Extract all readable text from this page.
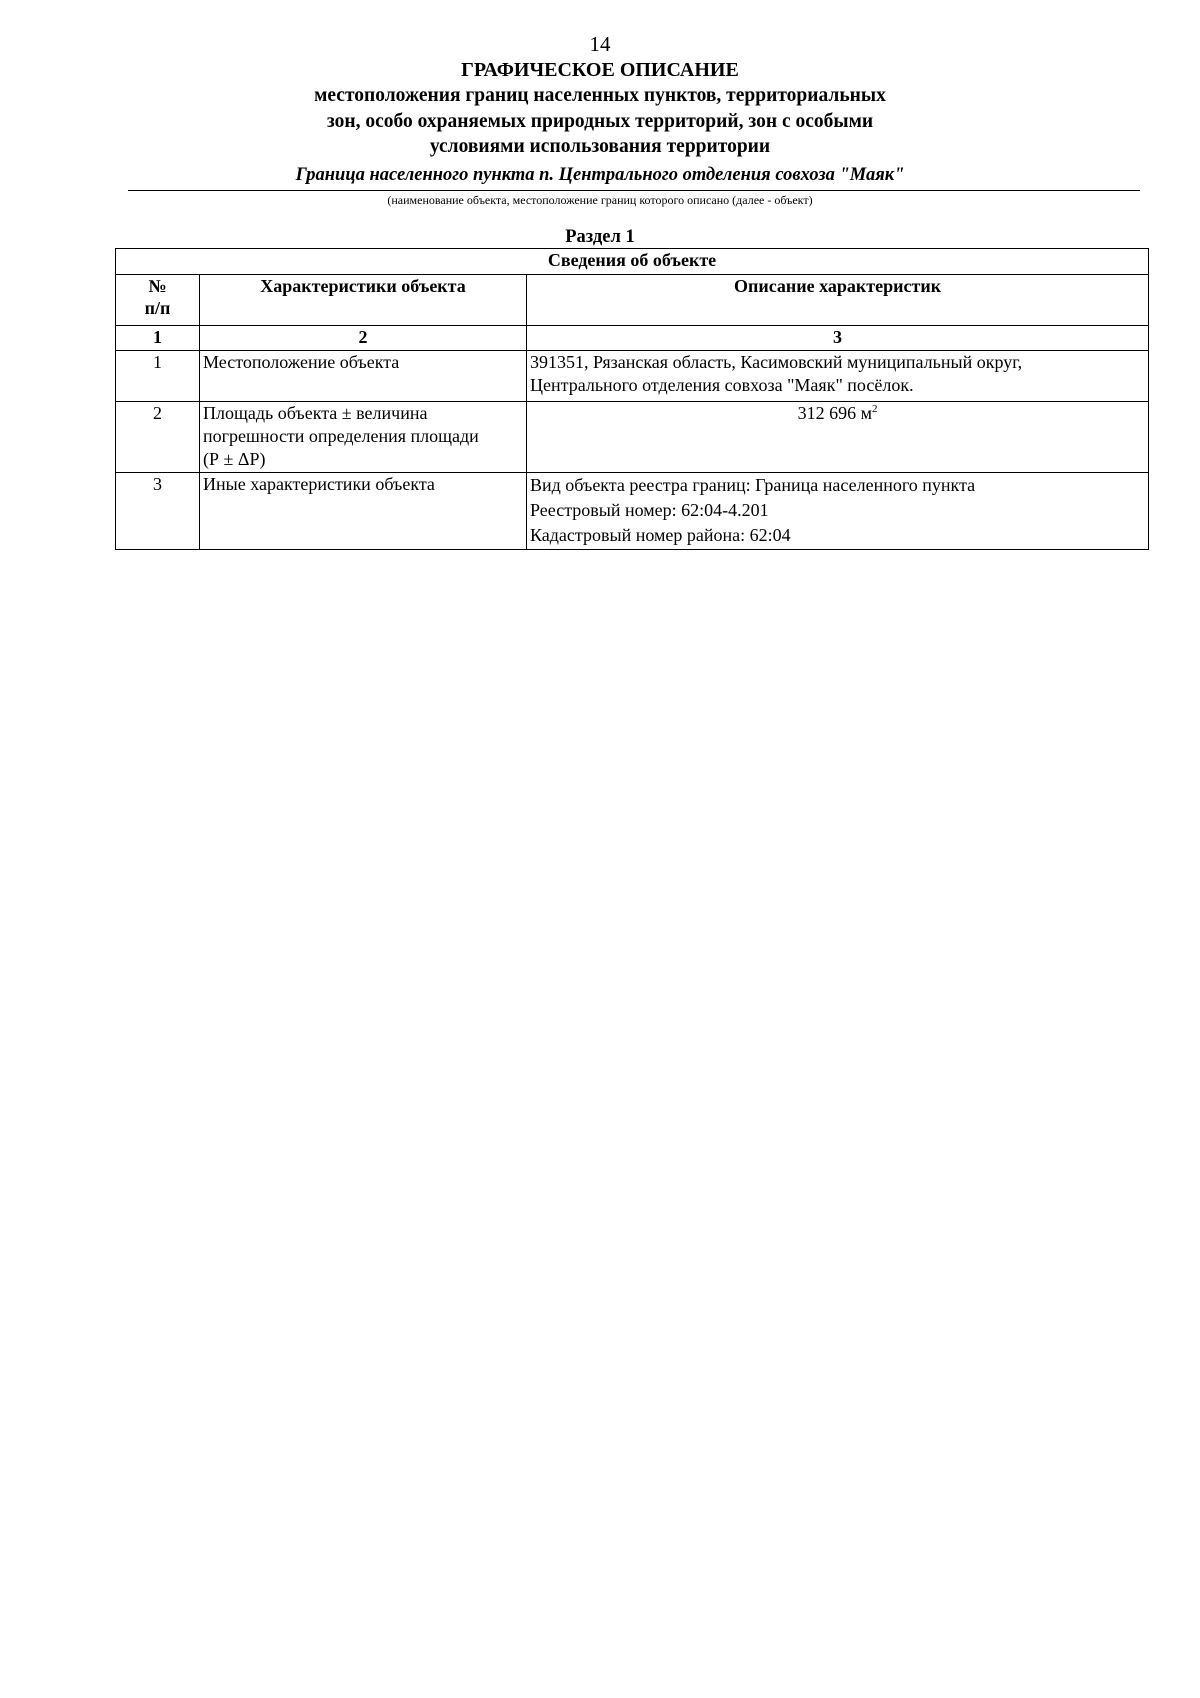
14
ГРАФИЧЕСКОЕ ОПИСАНИЕ
местоположения границ населенных пунктов, территориальных
зон, особо охраняемых природных территорий, зон с особыми
условиями использования территории
Граница населенного пункта п. Центрального отделения совхоза "Маяк"
(наименование объекта, местоположение границ которого описано (далее - объект)
Раздел 1
Сведения об объекте		

№
п/п	Характеристики объекта	Описание характеристик
1	2	3
1	Местоположение объекта	391351, Рязанская область, Касимовский муниципальный округ,
Центрального отделения совхоза "Маяк" посёлок.

2	Площадь объекта ± величина
погрешности определения площади
(Р ± ΔР)	312 696 $м^2$
3	Иные характеристики объекта	Вид объекта реестра границ: Граница населенного пункта
Реестровый номер: 62:04-4.201
Кадастровый номер района: 62:04
